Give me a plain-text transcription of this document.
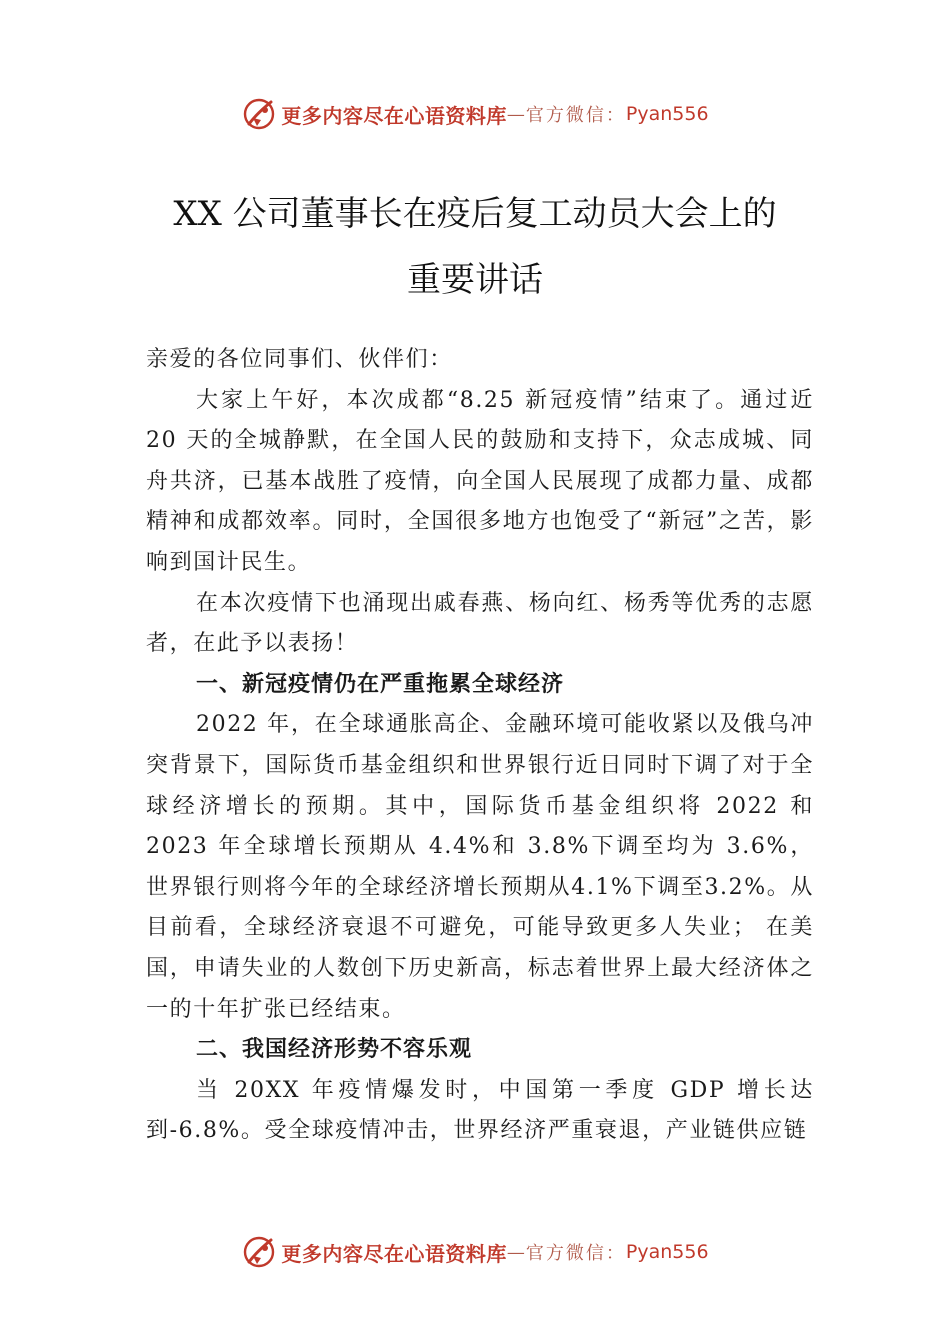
更多内容尽在心语资料库 — 官方微信： Pyan556
XX 公司董事长在疫后复工动员大会上的
重要讲话

亲爱的各位同事们、伙伴们：

大家上午好，本次成都“8.25 新冠疫情”结束了。通过近 20 天的全城静默，在全国人民的鼓励和支持下，众志成城、同舟共济，已基本战胜了疫情，向全国人民展现了成都力量、成都精神和成都效率。同时，全国很多地方也饱受了“新冠”之苦，影响到国计民生。

在本次疫情下也涌现出戚春燕、杨向红、杨秀等优秀的志愿者，在此予以表扬！

一、新冠疫情仍在严重拖累全球经济

2022 年，在全球通胀高企、金融环境可能收紧以及俄乌冲突背景下，国际货币基金组织和世界银行近日同时下调了对于全球经济增长的预期。其中，国际货币基金组织将 2022 和 2023 年全球增长预期从 4.4%和 3.8%下调至均为 3.6%， 世界银行则将今年的全球经济增长预期从4.1%下调至3.2%。从目前看，全球经济衰退不可避免，可能导致更多人失业； 在美国，申请失业的人数创下历史新高，标志着世界上最大经济体之一的十年扩张已经结束。

二、我国经济形势不容乐观

当 20XX 年疫情爆发时，中国第一季度 GDP 增长达到-6.8%。受全球疫情冲击，世界经济严重衰退，产业链供应链

更多内容尽在心语资料库 — 官方微信： Pyan556
